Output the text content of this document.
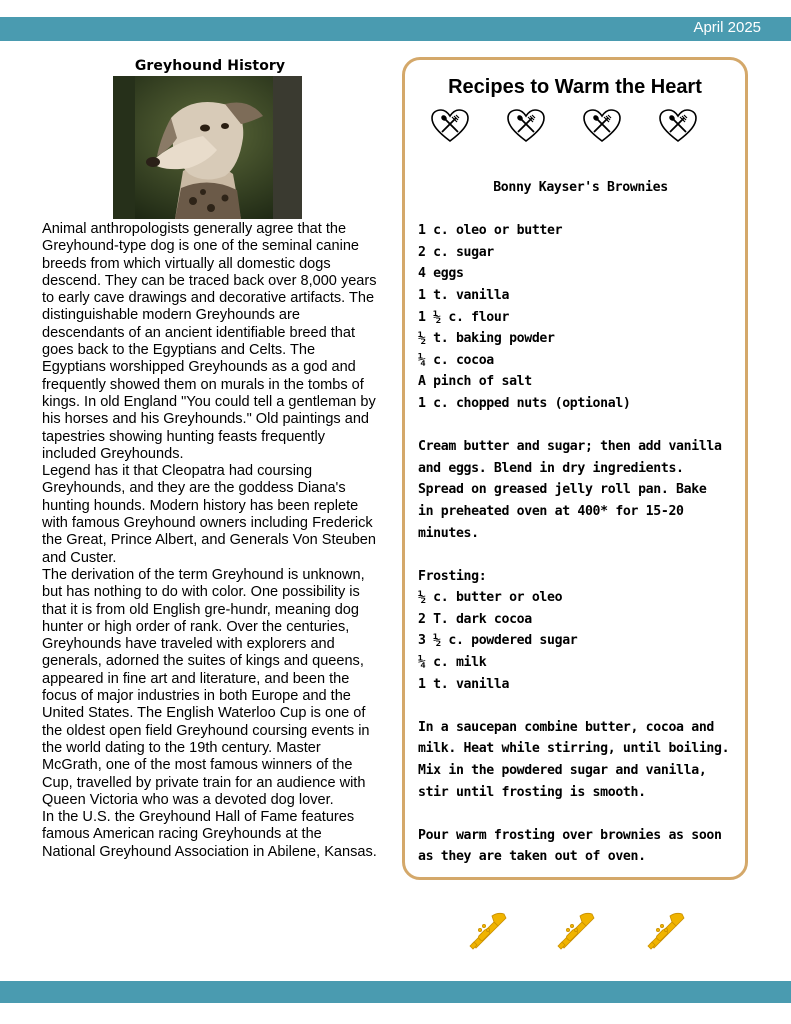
April 2025
Greyhound History

Animal anthropologists generally agree that the Greyhound-type dog is one of the seminal canine breeds from which virtually all domestic dogs descend. They can be traced back over 8,000 years to early cave drawings and decorative artifacts. The distinguishable modern Greyhounds are descendants of an ancient identifiable breed that goes back to the Egyptians and Celts. The Egyptians worshipped Greyhounds as a god and frequently showed them on murals in the tombs of kings. In old England "You could tell a gentleman by his horses and his Greyhounds." Old paintings and tapestries showing hunting feasts frequently included Greyhounds.

Legend has it that Cleopatra had coursing Greyhounds, and they are the goddess Diana's hunting hounds. Modern history has been replete with famous Greyhound owners including Frederick the Great, Prince Albert, and Generals Von Steuben and Custer.

The derivation of the term Greyhound is unknown, but has nothing to do with color. One possibility is that it is from old English gre-hundr, meaning dog hunter or high order of rank. Over the centuries, Greyhounds have traveled with explorers and generals, adorned the suites of kings and queens, appeared in fine art and literature, and been the focus of major industries in both Europe and the United States. The English Waterloo Cup is one of the oldest open field Greyhound coursing events in the world dating to the 19th century. Master McGrath, one of the most famous winners of the Cup, travelled by private train for an audience with Queen Victoria who was a devoted dog lover.

In the U.S. the Greyhound Hall of Fame features famous American racing Greyhounds at the National Greyhound Association in Abilene, Kansas.

Recipes to Warm the Heart
Bonny Kayser's Brownies
1 c. oleo or butter
2 c. sugar
4 eggs
1 t. vanilla
1 ½ c. flour
½ t. baking powder
¼ c. cocoa
A pinch of salt
1 c. chopped nuts (optional)
Cream butter and sugar; then add vanilla
and eggs. Blend in dry ingredients.
Spread on greased jelly roll pan. Bake
in preheated oven at 400* for 15-20
minutes.
Frosting:
½ c. butter or oleo
2 T. dark cocoa
3 ½ c. powdered sugar
¼ c. milk
1 t. vanilla
In a saucepan combine butter, cocoa and
milk. Heat while stirring, until boiling.
Mix in the powdered sugar and vanilla,
stir until frosting is smooth.
Pour warm frosting over brownies as soon
as they are taken out of oven.
